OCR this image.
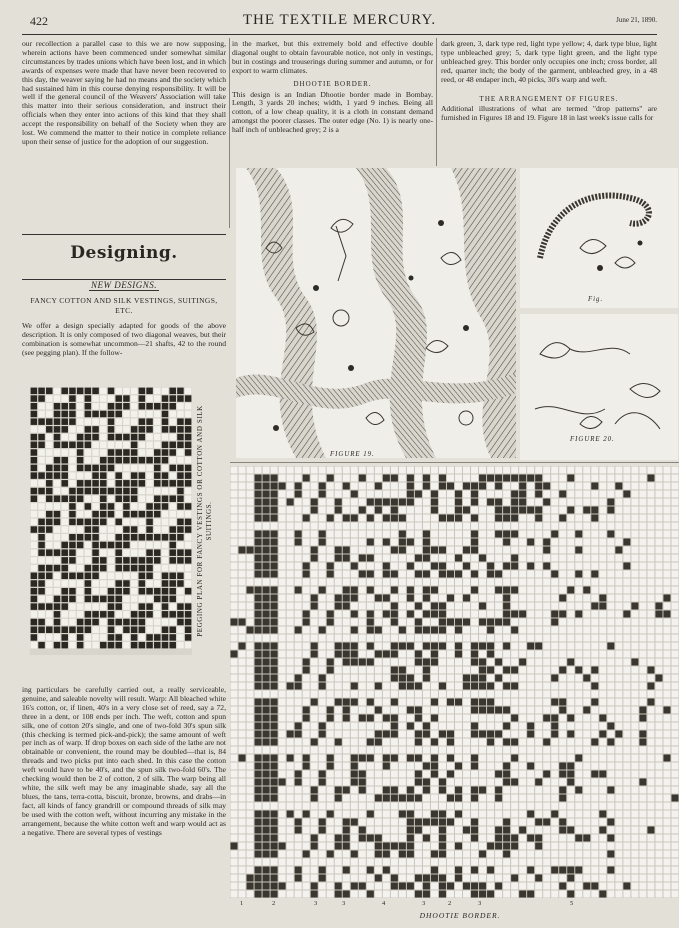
422	THE TEXTILE MERCURY.	June 21, 1890.

our recollection a parallel case to this we are now supposing, wherein actions have been commenced under somewhat similar circumstances by trades unions which have been lost, and in which awards of expenses were made that have never been recovered to this day, the weaver saying he had no means and the society which had sustained him in this course denying responsibility. It will be well if the general council of the Weavers' Association will take this matter into their serious consideration, and instruct their officials when they enter into actions of this kind that they shall accept the responsibility on behalf of the Society when they are lost. We commend the matter to their notice in complete reliance upon their sense of justice for the adoption of our suggestion.

Designing.
NEW DESIGNS.
FANCY COTTON AND SILK VESTINGS, SUITINGS, ETC.

We offer a design specially adapted for goods of the above description. It is only composed of two diagonal weaves, but their combination is somewhat uncommon—21 shafts, 42 to the round (see pegging plan). If the follow-

PEGGING PLAN FOR FANCY VESTINGS OR COTTON AND SILK SUITINGS.

ing particulars be carefully carried out, a really serviceable, genuine, and saleable novelty will result. Warp: All bleached white 16's cotton, or, if linen, 40's in a very close set of reed, say a 72, three in a dent, or 108 ends per inch. The weft, cotton and spun silk, one of cotton 20's single, and one of two-fold 30's spun silk (this checking is termed pick-and-pick); the same amount of weft per inch as of warp. If drop boxes on each side of the lathe are not obtainable or convenient, the round may be doubled—that is, 84 threads and two picks put into each shed. In this case the cotton weft would have to be 40's, and the spun silk two-fold 60's. The checking would then be 2 of cotton, 2 of silk. The warp being all white, the silk weft may be any imaginable shade, say all the blues, the tans, terra-cotta, biscuit, bronze, browns, and drabs—in fact, all kinds of fancy grandrill or compound threads of silk may be used with the cotton weft, without incurring any mistake in the arrangement, because the white cotton weft and warp would act as a negative. There are several types of vestings

in the market, but this extremely bold and effective double diagonal ought to obtain favourable notice, not only in vestings, but in costings and trouserings during summer and autumn, or for export to warm climates.

DHOOTIE BORDER.

This design is an Indian Dhootie border made in Bombay. Length, 3 yards 20 inches; width, 1 yard 9 inches. Being all cotton, of a low cheap quality, it is a cloth in constant demand amongst the poorer classes. The outer edge (No. 1) is nearly one-half inch of unbleached grey; 2 is a

dark green, 3, dark type red, light type yellow; 4, dark type blue, light type unbleached grey; 5, dark type light green, and the light type unbleached grey. This border only occupies one inch; cross border, all red, quarter inch; the body of the garment, unbleached grey, in a 48 reed, or 48 endaper inch, 40 picks, 30's warp and weft.

THE ARRANGEMENT OF FIGURES.

Additional illustrations of what are termed "drop patterns" are furnished in Figures 18 and 19. Figure 18 in last week's issue calls for

FIGURE 19.
Fig.
FIGURE 20.
1	2	3	3	4	3	2	3	5
DHOOTIE BORDER.
